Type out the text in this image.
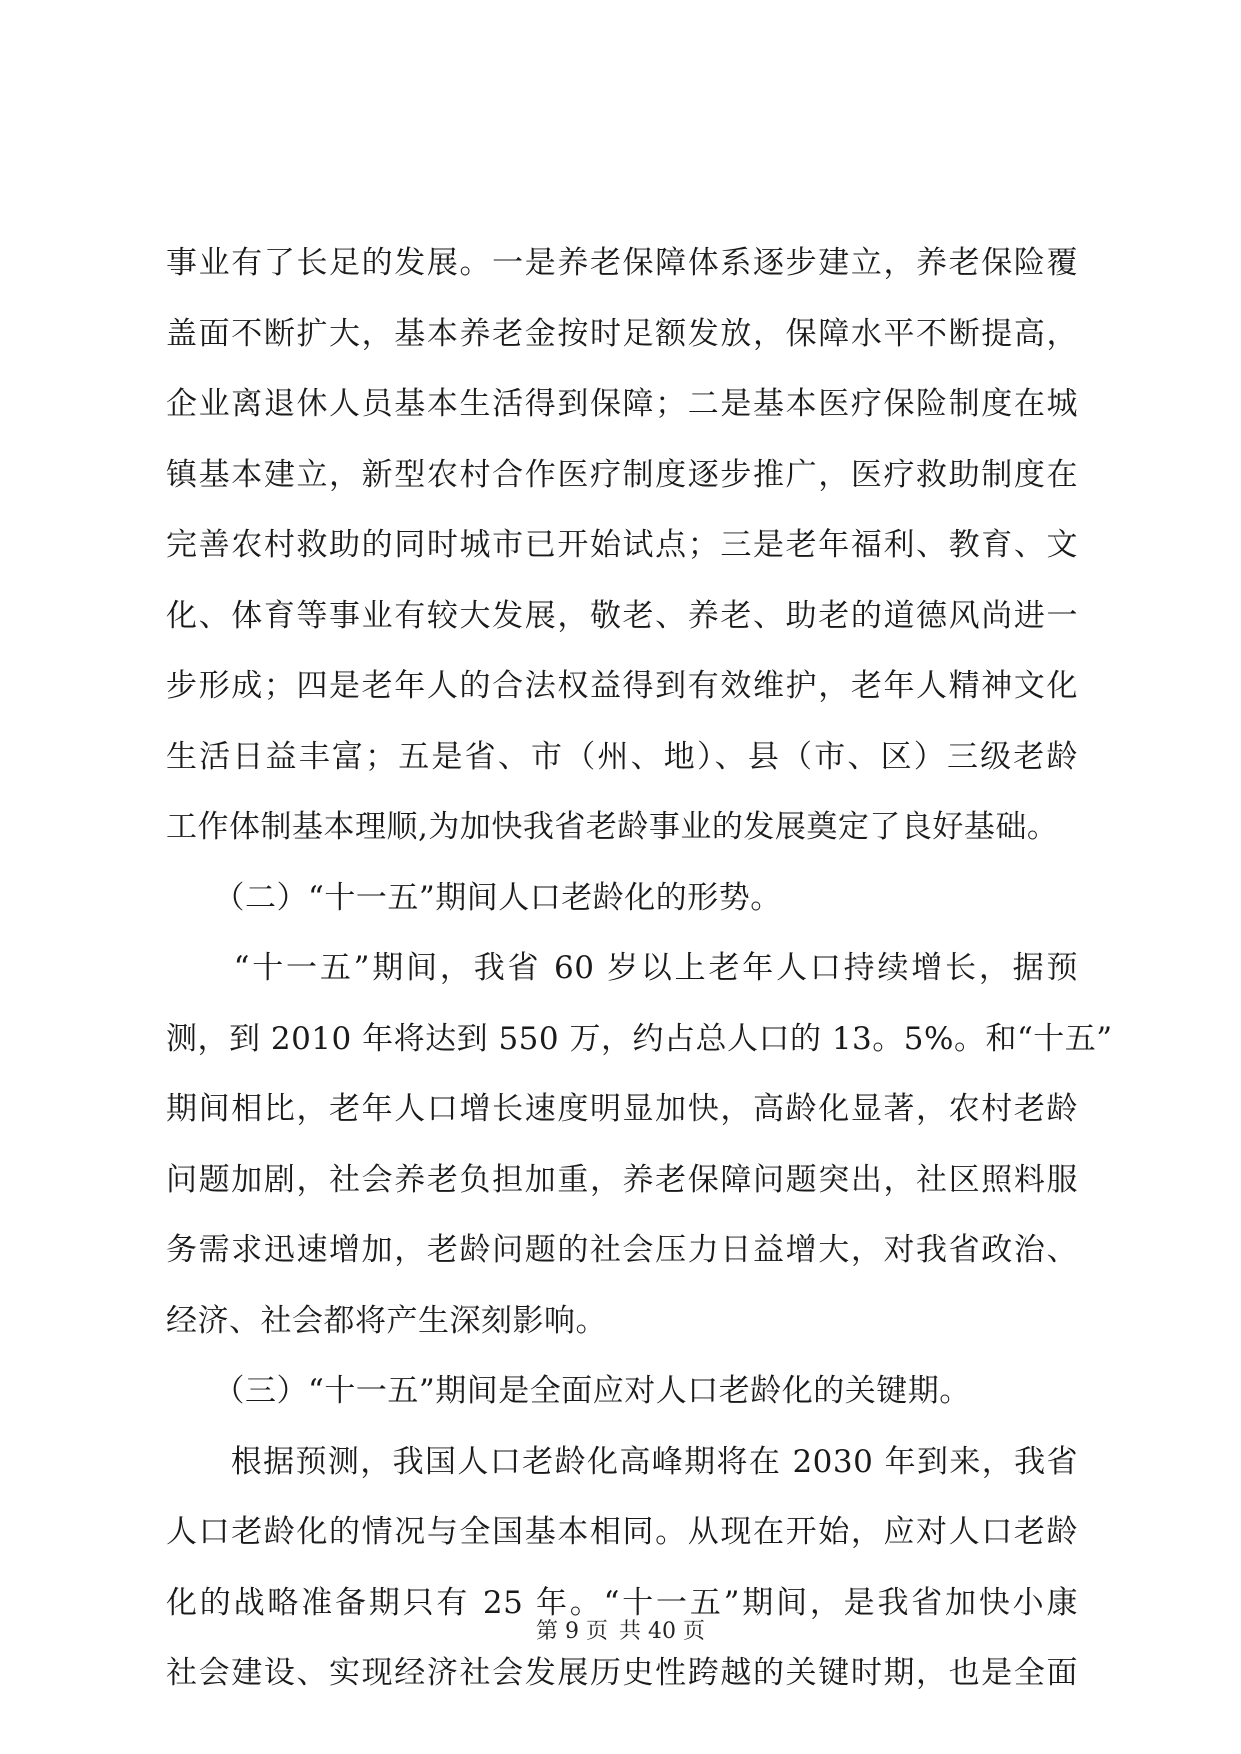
事业有了长足的发展。一是养老保障体系逐步建立，养老保险覆
盖面不断扩大，基本养老金按时足额发放，保障水平不断提高，
企业离退休人员基本生活得到保障；二是基本医疗保险制度在城
镇基本建立，新型农村合作医疗制度逐步推广，医疗救助制度在
完善农村救助的同时城市已开始试点；三是老年福利、教育、文
化、体育等事业有较大发展，敬老、养老、助老的道德风尚进一
步形成；四是老年人的合法权益得到有效维护，老年人精神文化
生活日益丰富；五是省、市（州、地）、县（市、区）三级老龄
工作体制基本理顺,为加快我省老龄事业的发展奠定了良好基础。
　　（二）“十一五”期间人口老龄化的形势。
　　“十一五”期间，我省 60 岁以上老年人口持续增长，据预
测，到 2010 年将达到 550 万，约占总人口的 13。5%。和“十五”
期间相比，老年人口增长速度明显加快，高龄化显著，农村老龄
问题加剧，社会养老负担加重，养老保障问题突出，社区照料服
务需求迅速增加，老龄问题的社会压力日益增大，对我省政治、
经济、社会都将产生深刻影响。
　　（三）“十一五”期间是全面应对人口老龄化的关键期。
　　根据预测，我国人口老龄化高峰期将在 2030 年到来，我省
人口老龄化的情况与全国基本相同。从现在开始，应对人口老龄
化的战略准备期只有 25 年。“十一五”期间，是我省加快小康
社会建设、实现经济社会发展历史性跨越的关键时期，也是全面
第 9 页 共 40 页
